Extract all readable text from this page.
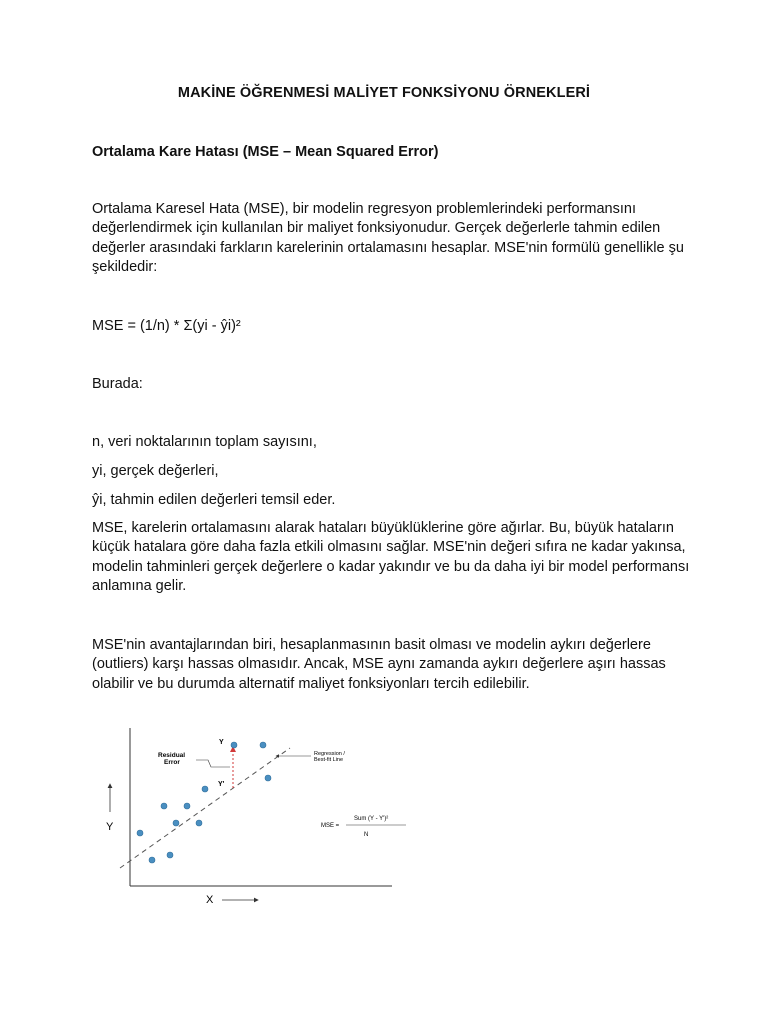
MAKİNE ÖĞRENMESİ MALİYET FONKSİYONU ÖRNEKLERİ
Ortalama Kare Hatası (MSE – Mean Squared Error)

Ortalama Karesel Hata (MSE), bir modelin regresyon problemlerindeki performansını değerlendirmek için kullanılan bir maliyet fonksiyonudur. Gerçek değerlerle tahmin edilen değerler arasındaki farkların karelerinin ortalamasını hesaplar. MSE'nin formülü genellikle şu şekildedir:

MSE = (1/n) * Σ(yi - ŷi)²
Burada:
n, veri noktalarının toplam sayısını,
yi, gerçek değerleri,
ŷi, tahmin edilen değerleri temsil eder.

MSE, karelerin ortalamasını alarak hataları büyüklüklerine göre ağırlar. Bu, büyük hataların küçük hatalara göre daha fazla etkili olmasını sağlar. MSE'nin değeri sıfıra ne kadar yakınsa, modelin tahminleri gerçek değerlere o kadar yakındır ve bu da daha iyi bir model performansı anlamına gelir.

MSE'nin avantajlarından biri, hesaplanmasının basit olması ve modelin aykırı değerlere (outliers) karşı hassas olmasıdır. Ancak, MSE aynı zamanda aykırı değerlere aşırı hassas olabilir ve bu durumda alternatif maliyet fonksiyonları tercih edilebilir.

Y
X
Residual
Error
Y
Y'
Regression /
Best-fit Line
MSE =
Sum (Y - Y')²
N
